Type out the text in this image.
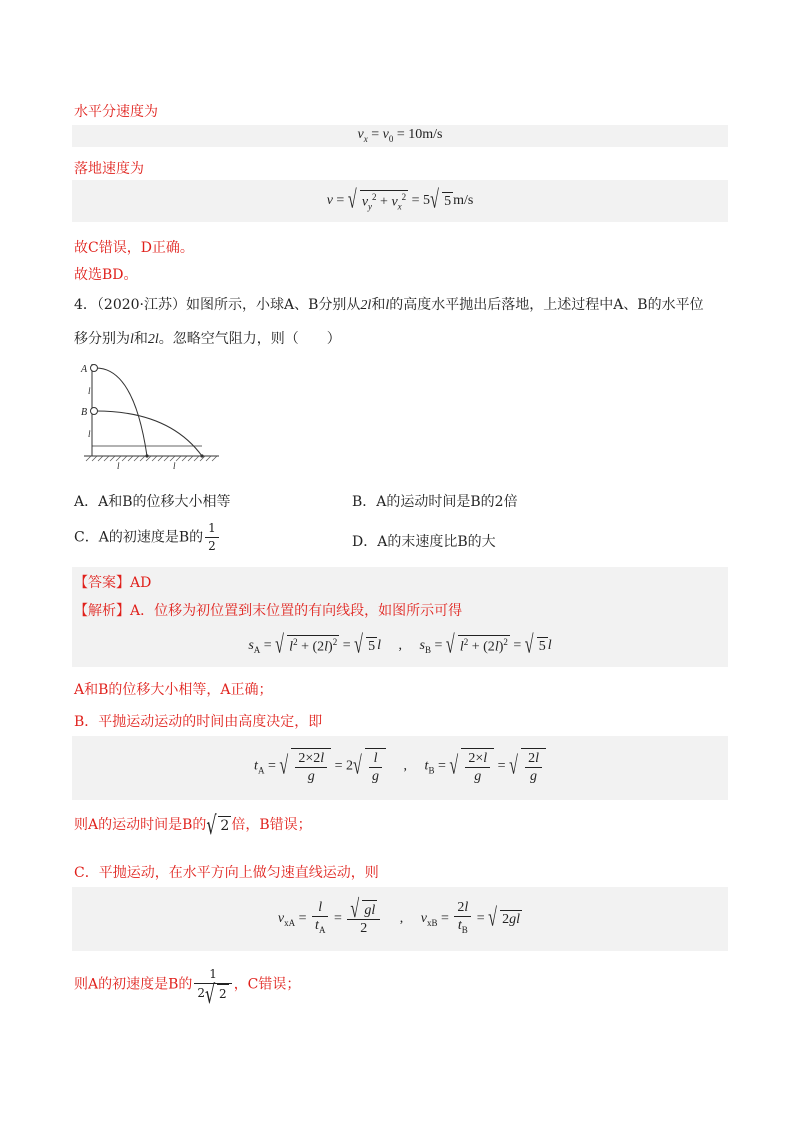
水平分速度为
$v_x = v_0 = 10m/s$
落地速度为
v = √ $v_y^2 + v_x^2 = 5√$ 5 m/s
故C错误，D正确。
故选BD。
4．（2020·江苏）如图所示，小球A、B分别从2l和l的高度水平抛出后落地，上述过程中A、B的水平位
移分别为l和2l。忽略空气阻力，则（　　）
A
B
l
l
l	l
A．A和B的位移大小相等	B．A的运动时间是B的2倍
C．A的初速度是B的 $\frac{1}{2}$	D．A的末速度比B的大
【答案】AD
【解析】A．位移为初位置到末位置的有向线段，如图所示可得
$s_A$ = √ $l^2 + (2l)^2$ = √ 5 l 　,　 $s_B$ = √ $l^2 + (2l)^2$ = √ 5 l
A和B的位移大小相等，A正确；
B．平抛运动运动的时间由高度决定，即
$t_A$ =
√ $\frac{2\times 2l}{g} = 2$
√ $\frac{l}{g}$ 　,　 $t_B$ =
√ $\frac{2\times l}{g}$ =
√ $\frac{2l}{g}$
则A的运动时间是B的√ 2 倍，B错误；
C．平抛运动，在水平方向上做匀速直线运动，则
$v_{xA} = \frac{l}{t_A}$ =
√ $\frac{gl}{2}$ 　,　 $v_{xB} = \frac{2l}{t_B}$ = √ 2gl
则A的初速度是B的 $\frac{1}{2√ 2}$ ，C错误；
